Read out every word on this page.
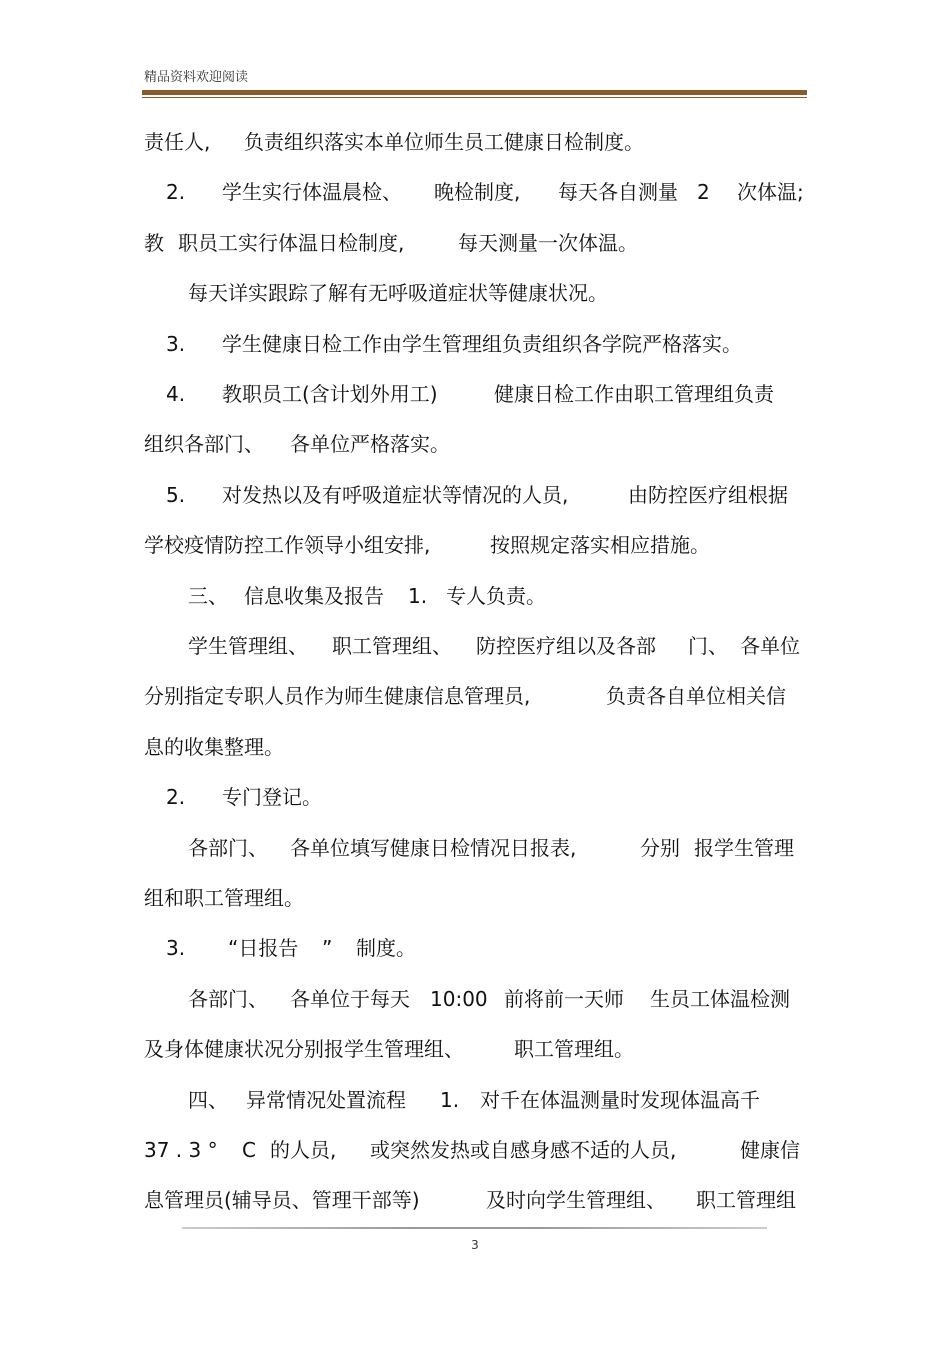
精品资料欢迎阅读
责任人, 负责组织落实本单位师生员工健康日检制度。
2. 学生实行体温晨检、 晚检制度, 每天各自测量 2 次体温;
教 职员工实行体温日检制度,	每天测量一次体温。
每天详实跟踪了解有无呼吸道症状等健康状况。
3. 学生健康日检工作由学生管理组负责组织各学院严格落实。
4. 教职员工(含计划外用工)	健康日检工作由职工管理组负责
组织各部门、 各单位严格落实。
5. 对发热以及有呼吸道症状等情况的人员,	由防控医疗组根据
学校疫情防控工作领导小组安排,	按照规定落实相应措施。
三、 信息收集及报告 1. 专人负责。
学生管理组、 职工管理组、 防控医疗组以及各部 门、 各单位
分别指定专职人员作为师生健康信息管理员,	负责各自单位相关信
息的收集整理。
2. 专门登记。
各部门、 各单位填写健康日检情况日报表,	分别 报学生管理
组和职工管理组。
3. “日报告 ” 制度。
各部门、 各单位于每天 10:00 前将前一天师 生员工体温检测
及身体健康状况分别报学生管理组、	职工管理组。
四、 异常情况处置流程 1. 对千在体温测量时发现体温高千
37 . 3 ° C 的人员, 或突然发热或自感身感不适的人员,	健康信
息管理员(辅导员、管理干部等)	及时向学生管理组、 职工管理组
3
